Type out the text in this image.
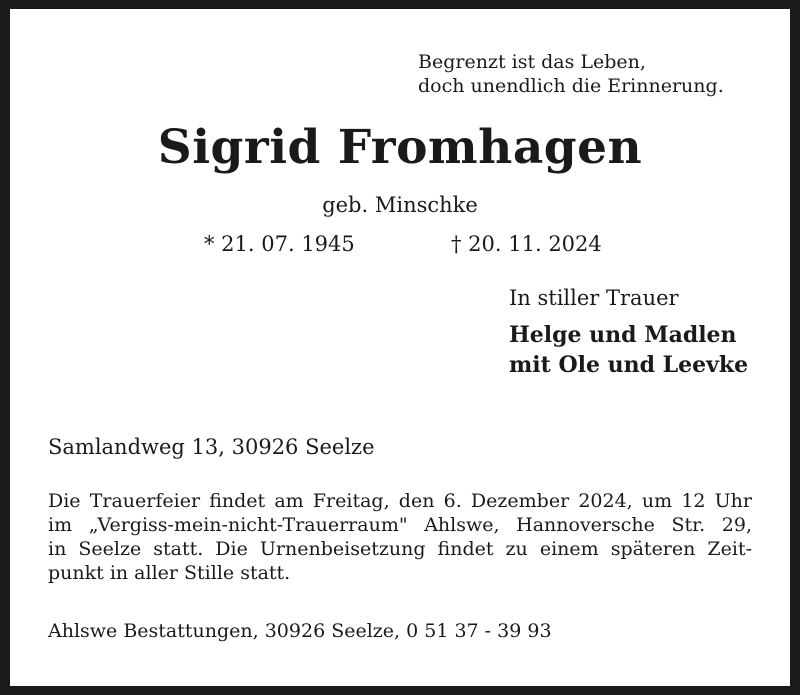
Begrenzt ist das Leben,
doch unendlich die Erinnerung.
Sigrid Fromhagen
geb. Minschke
* 21. 07. 1945	† 20. 11. 2024
In stiller Trauer
Helge und Madlen
mit Ole und Leevke
Samlandweg 13, 30926 Seelze
Die Trauerfeier findet am Freitag, den 6. Dezember 2024, um 12 Uhr
im „Vergiss-mein-nicht-Trauerraum" Ahlswe, Hannoversche Str. 29,
in Seelze statt. Die Urnenbeisetzung findet zu einem späteren Zeit-
punkt in aller Stille statt.
Ahlswe Bestattungen, 30926 Seelze, 0 51 37 - 39 93
